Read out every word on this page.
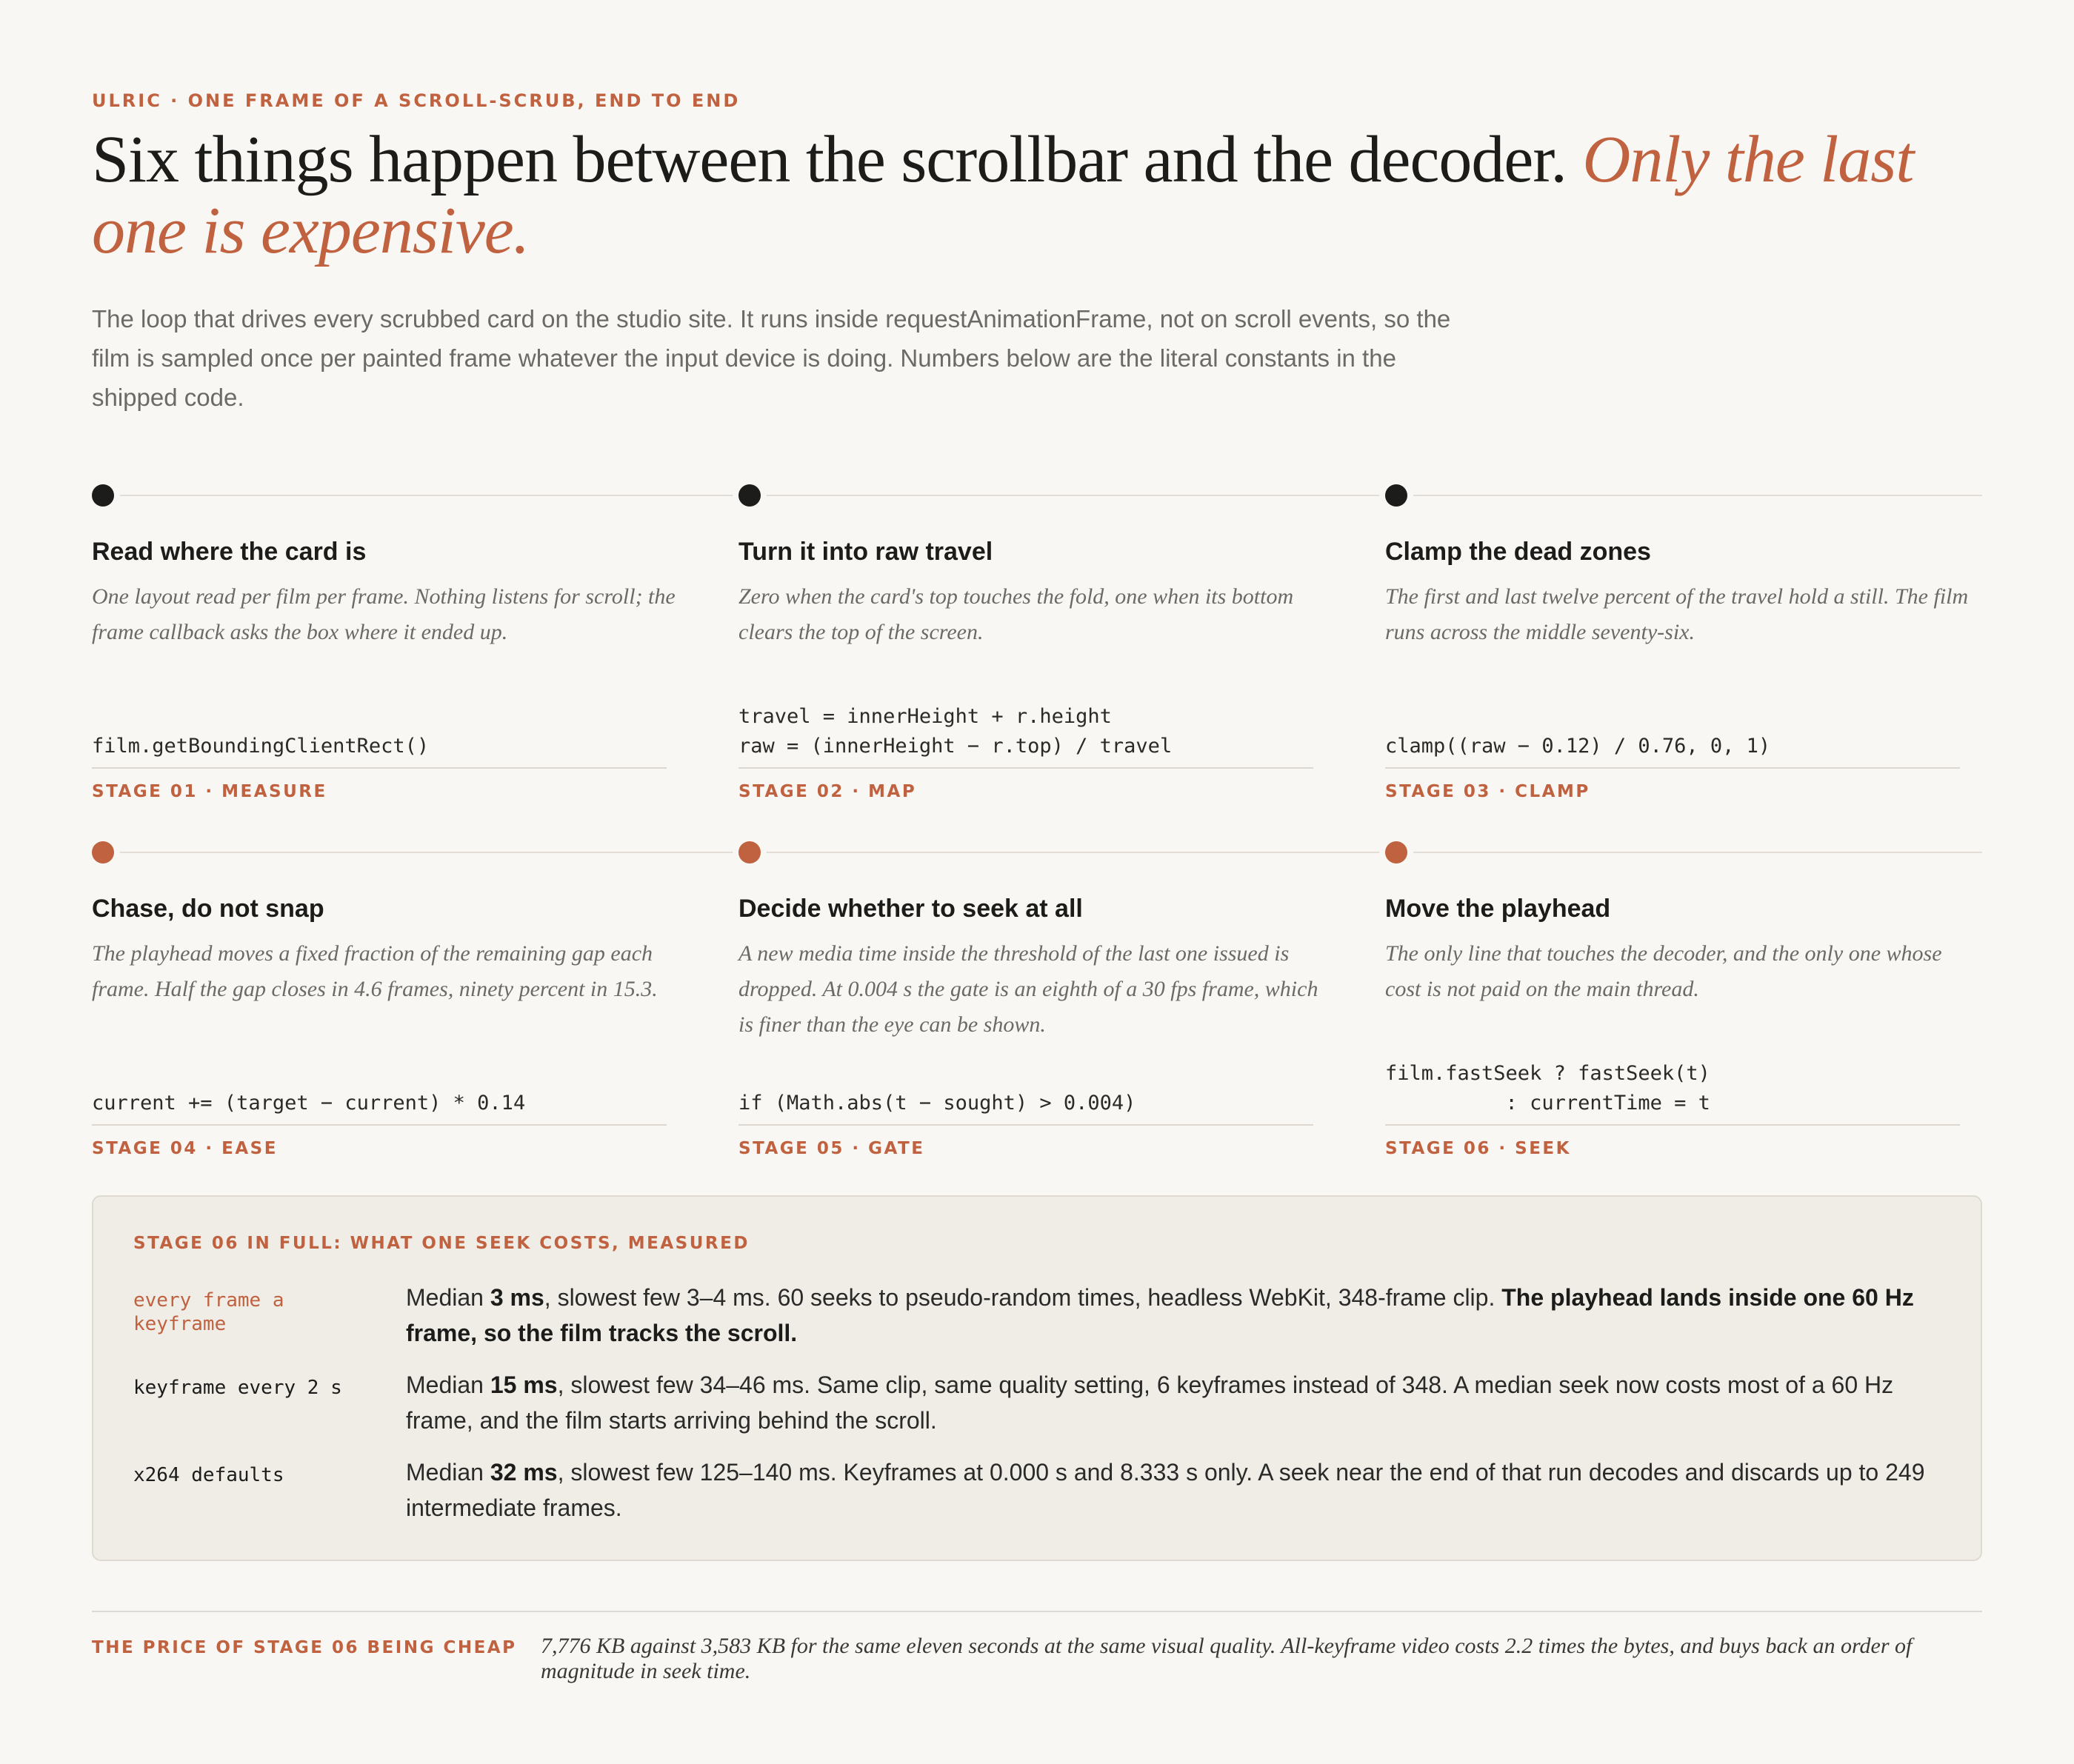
ULRIC · ONE FRAME OF A SCROLL-SCRUB, END TO END
Six things happen between the scrollbar and the decoder. Only the last one is expensive.

The loop that drives every scrubbed card on the studio site. It runs inside requestAnimationFrame, not on scroll events, so the film is sampled once per painted frame whatever the input device is doing. Numbers below are the literal constants in the shipped code.

Read where the card is

One layout read per film per frame. Nothing listens for scroll; the frame callback asks the box where it ended up.

film.getBoundingClientRect()
STAGE 01 · MEASURE
Turn it into raw travel

Zero when the card's top touches the fold, one when its bottom clears the top of the screen.

travel = innerHeight + r.height
raw = (innerHeight − r.top) / travel
STAGE 02 · MAP
Clamp the dead zones

The first and last twelve percent of the travel hold a still. The film runs across the middle seventy-six.

clamp((raw − 0.12) / 0.76, 0, 1)
STAGE 03 · CLAMP
Chase, do not snap

The playhead moves a fixed fraction of the remaining gap each frame. Half the gap closes in 4.6 frames, ninety percent in 15.3.

current += (target − current) * 0.14
STAGE 04 · EASE
Decide whether to seek at all

A new media time inside the threshold of the last one issued is dropped. At 0.004 s the gate is an eighth of a 30 fps frame, which is finer than the eye can be shown.

if (Math.abs(t − sought) > 0.004)
STAGE 05 · GATE
Move the playhead

The only line that touches the decoder, and the only one whose cost is not paid on the main thread.

film.fastSeek ? fastSeek(t)
: currentTime = t
STAGE 06 · SEEK
STAGE 06 IN FULL: WHAT ONE SEEK COSTS, MEASURED
every frame a keyframe

Median 3 ms, slowest few 3–4 ms. 60 seeks to pseudo-random times, headless WebKit, 348-frame clip. The playhead lands inside one 60 Hz frame, so the film tracks the scroll.

keyframe every 2 s	Median 15 ms, slowest few 34–46 ms. Same clip, same quality setting, 6 keyframes instead of 348. A median seek now costs most of a 60 Hz frame, and the film starts arriving behind the scroll.

x264 defaults	Median 32 ms, slowest few 125–140 ms. Keyframes at 0.000 s and 8.333 s only. A seek near the end of that run decodes and discards up to 249 intermediate frames.

THE PRICE OF STAGE 06 BEING CHEAP 7,776 KB against 3,583 KB for the same eleven seconds at the same visual quality. All-keyframe video costs 2.2 times the bytes, and buys back an order of magnitude in seek time.
